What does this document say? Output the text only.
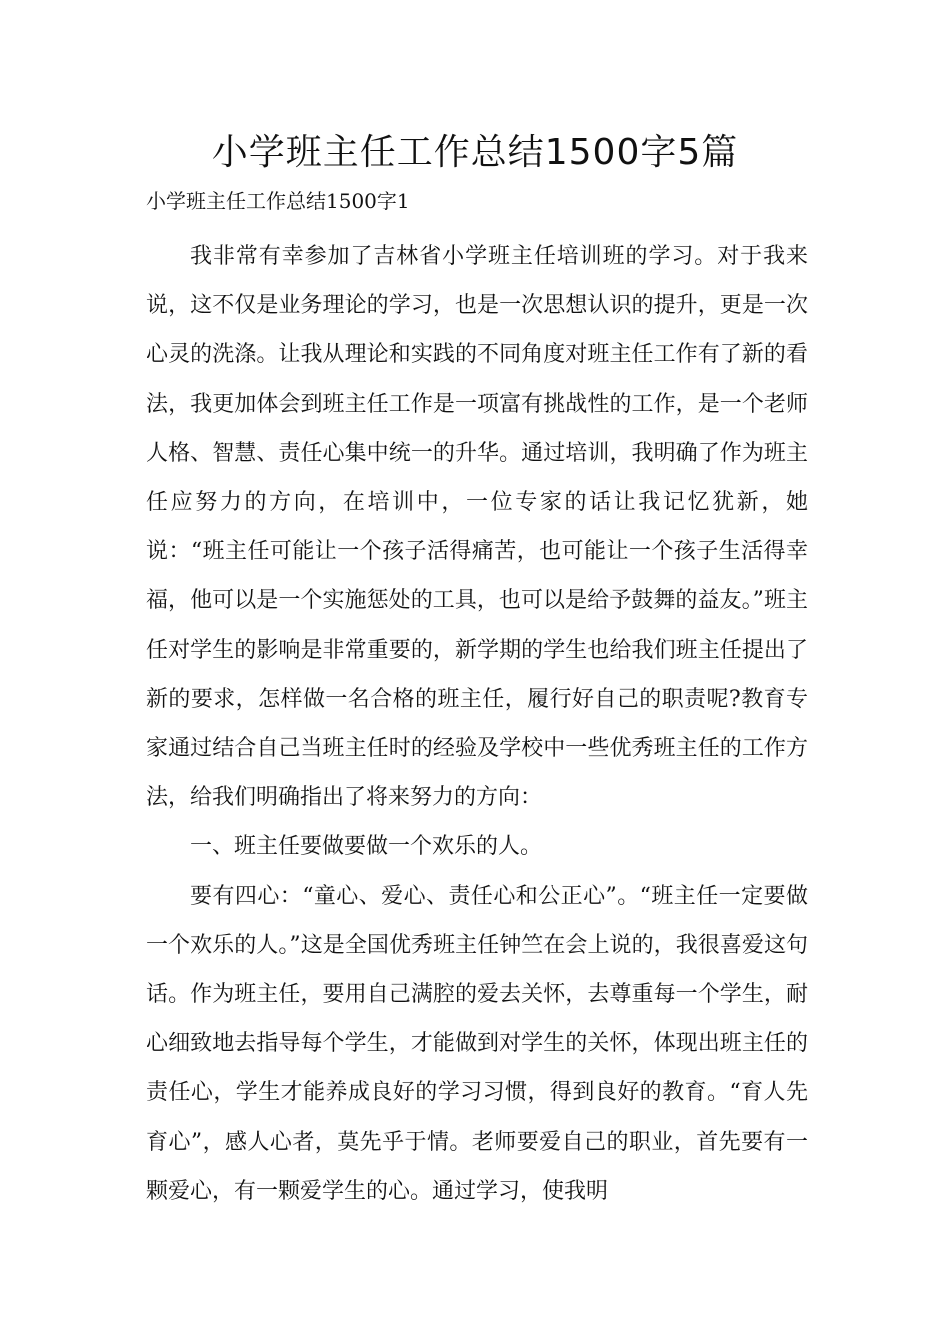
小学班主任工作总结1500字5篇
小学班主任工作总结1500字1

我非常有幸参加了吉林省小学班主任培训班的学习。对于我来说，这不仅是业务理论的学习，也是一次思想认识的提升，更是一次心灵的洗涤。让我从理论和实践的不同角度对班主任工作有了新的看法，我更加体会到班主任工作是一项富有挑战性的工作，是一个老师人格、智慧、责任心集中统一的升华。通过培训，我明确了作为班主任应努力的方向，在培训中，一位专家的话让我记忆犹新，她说：“班主任可能让一个孩子活得痛苦，也可能让一个孩子生活得幸福，他可以是一个实施惩处的工具，也可以是给予鼓舞的益友。”班主任对学生的影响是非常重要的，新学期的学生也给我们班主任提出了新的要求，怎样做一名合格的班主任，履行好自己的职责呢?教育专家通过结合自己当班主任时的经验及学校中一些优秀班主任的工作方法，给我们明确指出了将来努力的方向：

一、班主任要做要做一个欢乐的人。

要有四心：“童心、爱心、责任心和公正心”。“班主任一定要做一个欢乐的人。”这是全国优秀班主任钟竺在会上说的，我很喜爱这句话。作为班主任，要用自己满腔的爱去关怀，去尊重每一个学生，耐心细致地去指导每个学生，才能做到对学生的关怀，体现出班主任的责任心，学生才能养成良好的学习习惯，得到良好的教育。“育人先育心”，感人心者，莫先乎于情。老师要爱自己的职业，首先要有一颗爱心，有一颗爱学生的心。通过学习，使我明
